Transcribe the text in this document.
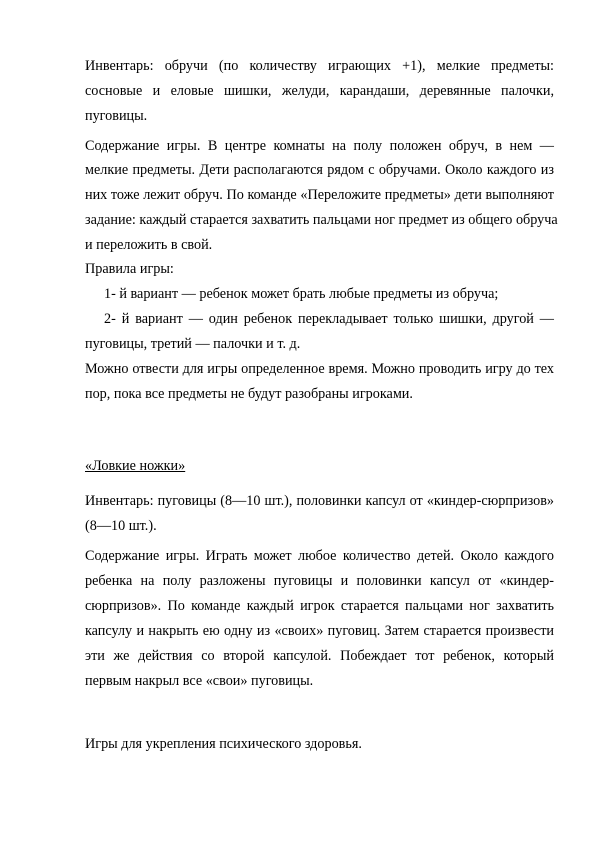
Инвентарь: обручи (по количеству играющих +1), мелкие предметы:
сосновые и еловые шишки, желуди, карандаши, деревянные палочки,
пуговицы.
Содержание игры. В центре комнаты на полу положен обруч, в нем —
мелкие предметы. Дети располагаются рядом с обручами. Около каждого из
них тоже лежит обруч. По команде «Переложите предметы» дети выполняют
задание: каждый старается захватить пальцами ног предмет из общего обруча
и переложить в свой.
Правила игры:
1- й вариант — ребенок может брать любые предметы из обруча;
2- й вариант — один ребенок перекладывает только шишки, другой —
пуговицы, третий — палочки и т. д.
Можно отвести для игры определенное время. Можно проводить игру до тех
пор, пока все предметы не будут разобраны игроками.
«Ловкие ножки»
Инвентарь: пуговицы (8—10 шт.), половинки капсул от «киндер-сюрпризов»
(8—10 шт.).
Содержание игры. Играть может любое количество детей. Около каждого
ребенка на полу разложены пуговицы и половинки капсул от «киндер-
сюрпризов». По команде каждый игрок старается пальцами ног захватить
капсулу и накрыть ею одну из «своих» пуговиц. Затем старается произвести
эти же действия со второй капсулой. Побеждает тот ребенок, который
первым накрыл все «свои» пуговицы.
Игры для укрепления психического здоровья.
